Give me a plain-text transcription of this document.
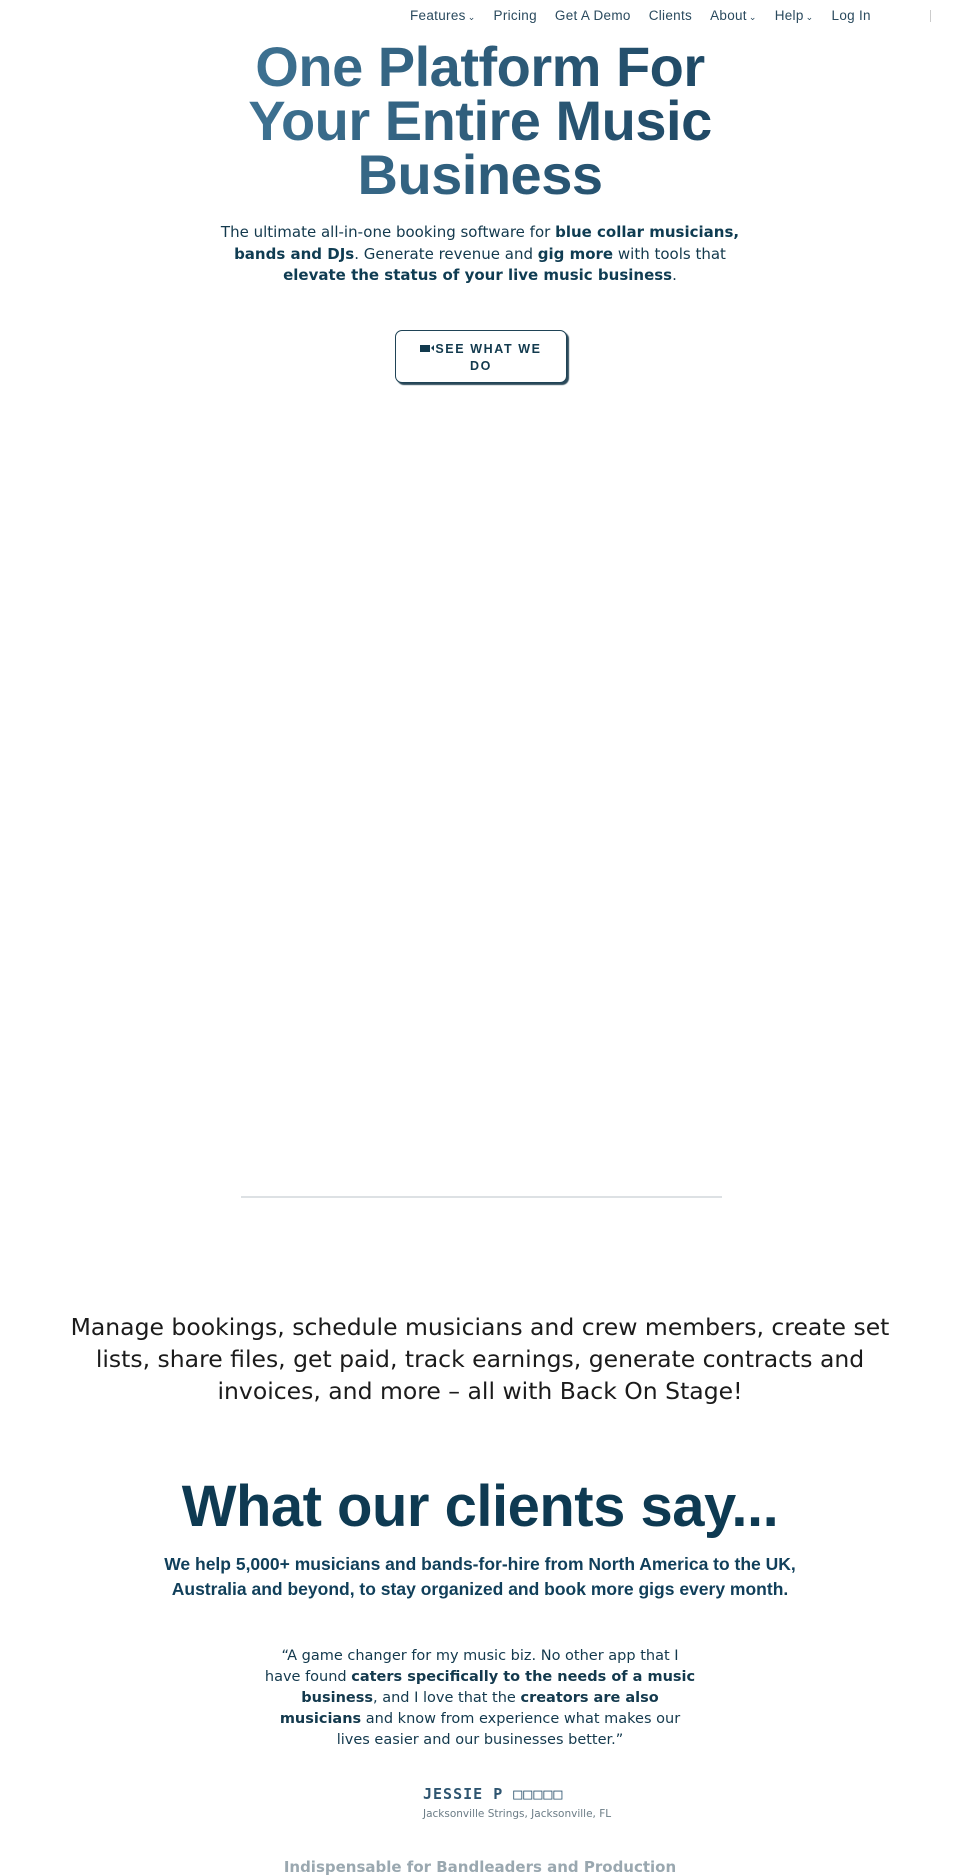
Features ⌄ Pricing Get A Demo Clients About ⌄ Help ⌄ Log In
One Platform For Your Entire Music Business

The ultimate all-in-one booking software for blue collar musicians, bands and DJs. Generate revenue and gig more with tools that elevate the status of your live music business.

SEE WHAT WE DO

Manage bookings, schedule musicians and crew members, create set lists, share files, get paid, track earnings, generate contracts and invoices, and more – all with Back On Stage!

What our clients say...

We help 5,000+ musicians and bands-for-hire from North America to the UK, Australia and beyond, to stay organized and book more gigs every month.

“A game changer for my music biz. No other app that I have found caters specifically to the needs of a music business, and I love that the creators are also musicians and know from experience what makes our lives easier and our businesses better.”

JESSIE P □□□□□
Jacksonville Strings, Jacksonville, FL
Indispensable for Bandleaders and Production
